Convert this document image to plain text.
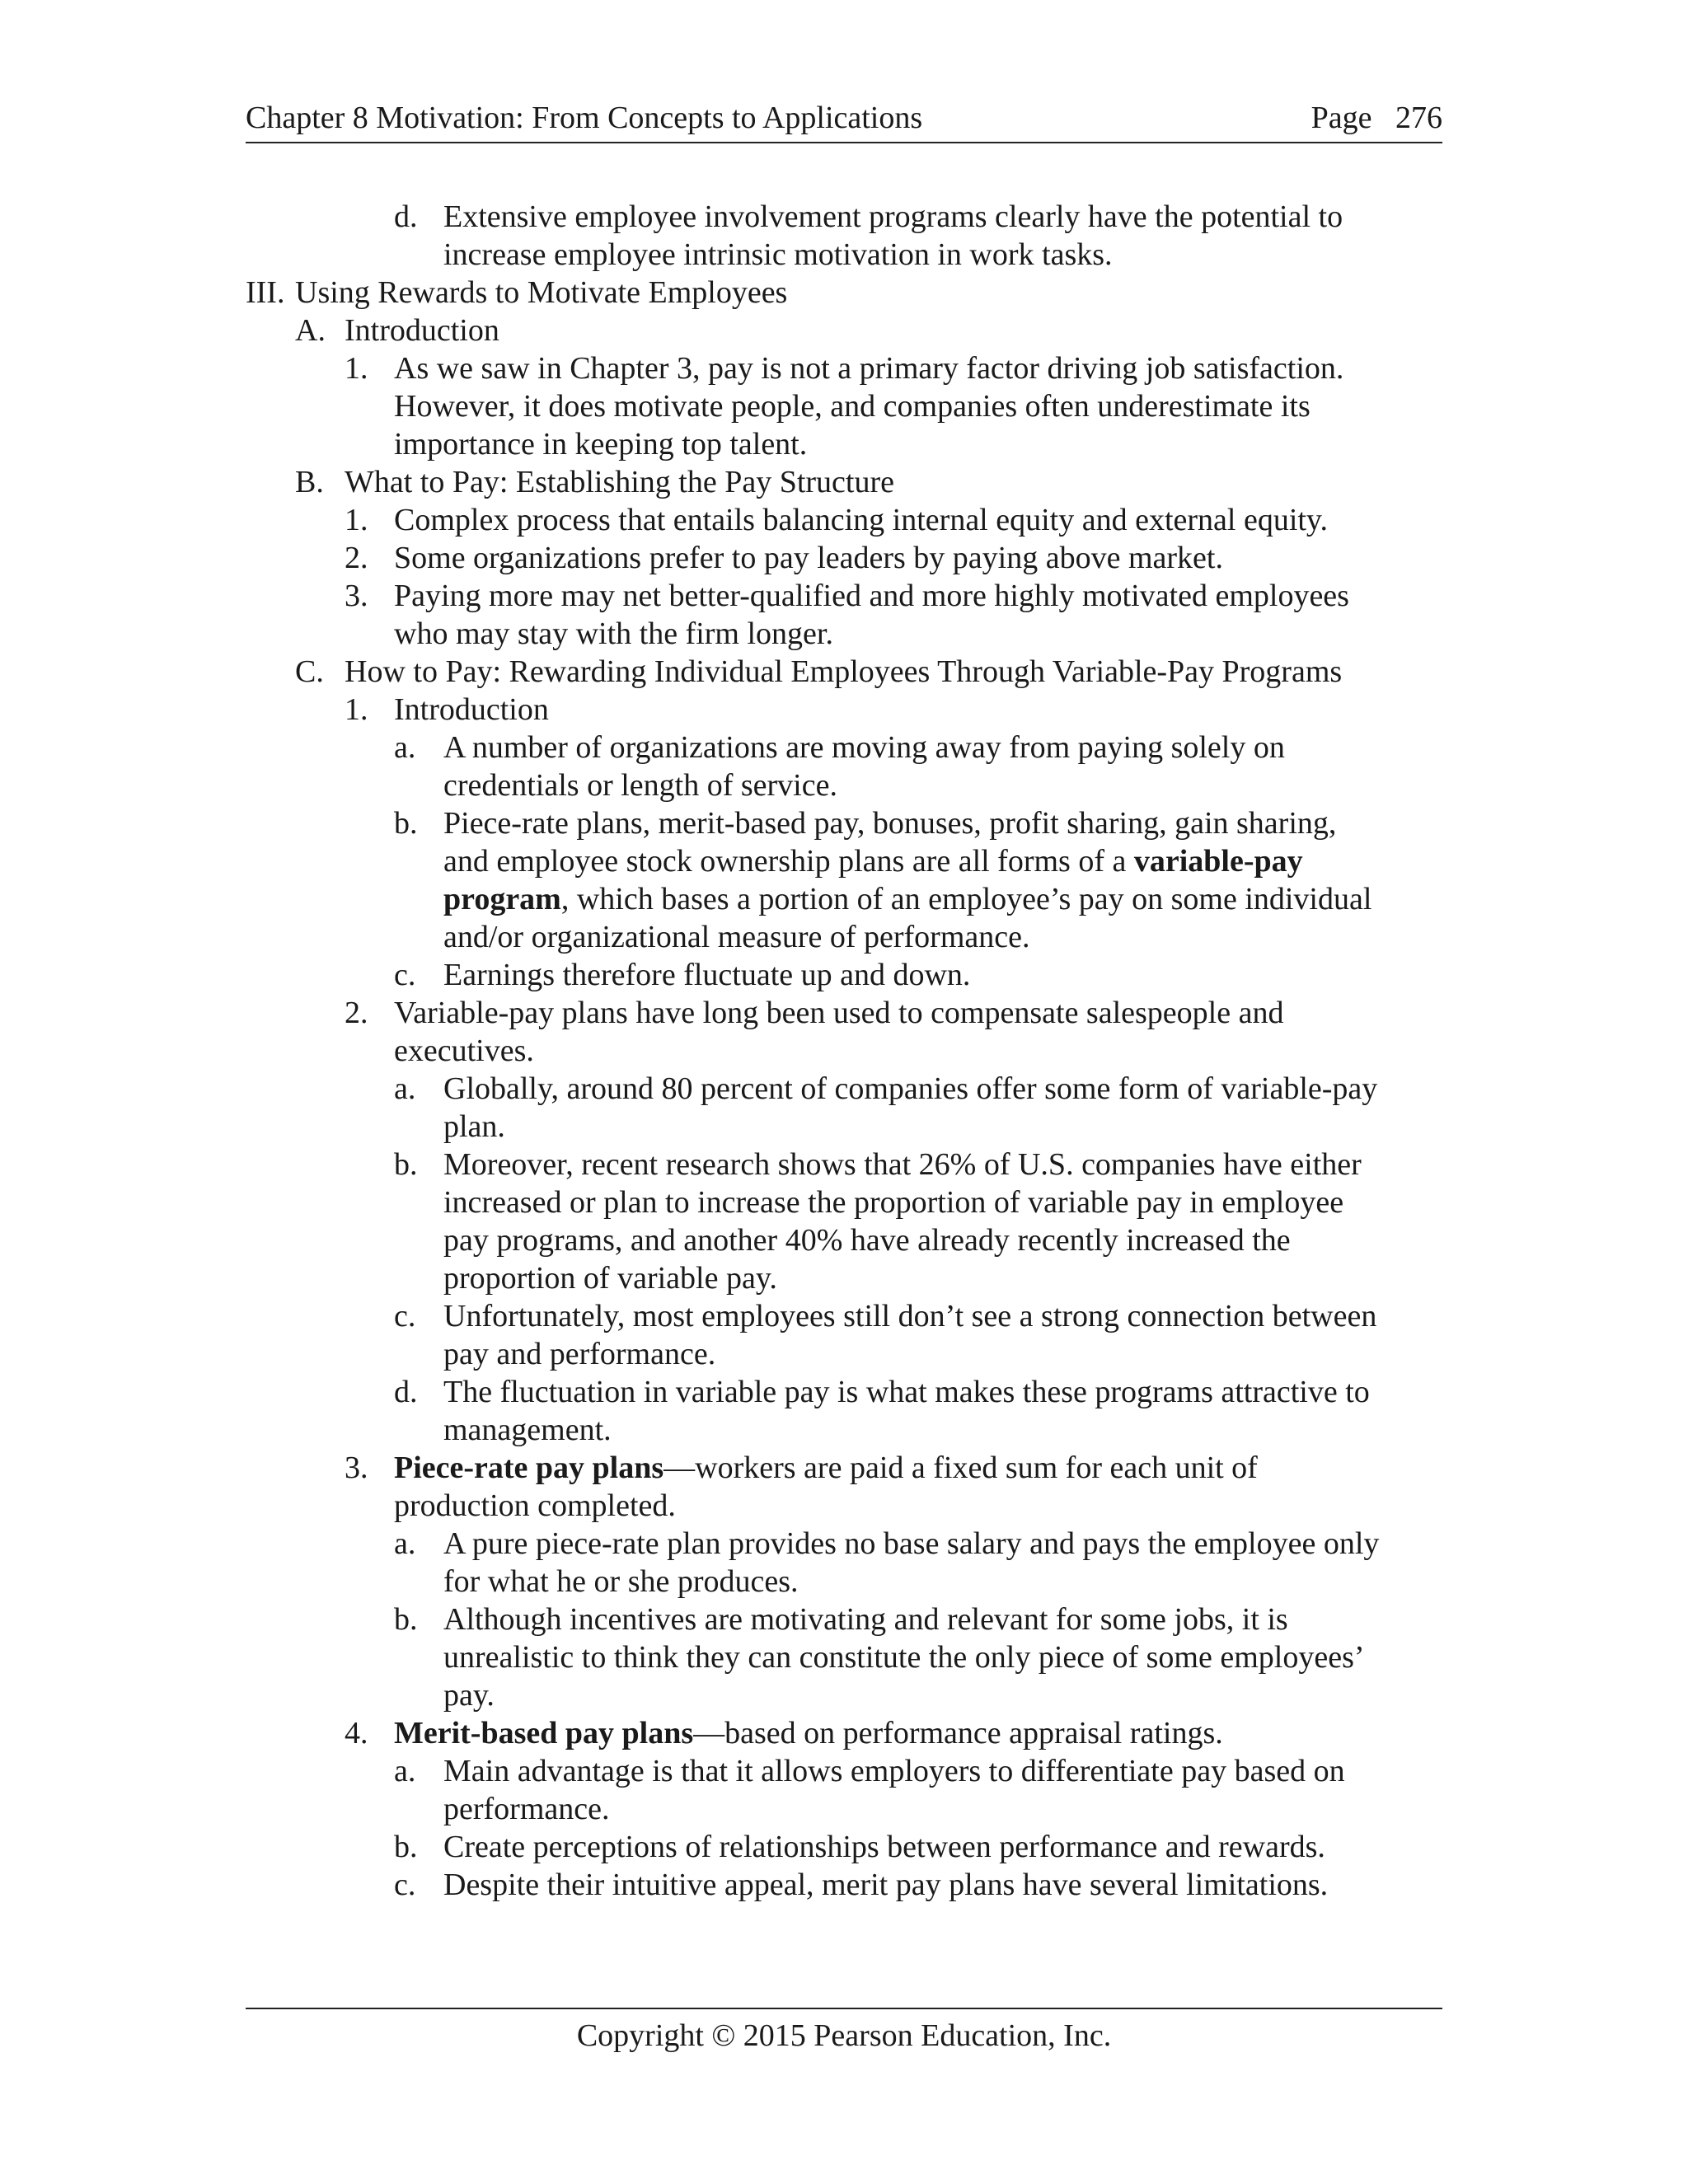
Chapter 8 Motivation: From Concepts to Applications	Page   276
d. Extensive employee involvement programs clearly have the potential to
increase employee intrinsic motivation in work tasks.
III. Using Rewards to Motivate Employees
A. Introduction
1. As we saw in Chapter 3, pay is not a primary factor driving job satisfaction.
However, it does motivate people, and companies often underestimate its
importance in keeping top talent.
B. What to Pay: Establishing the Pay Structure
1. Complex process that entails balancing internal equity and external equity.
2. Some organizations prefer to pay leaders by paying above market.
3. Paying more may net better-qualified and more highly motivated employees
who may stay with the firm longer.
C. How to Pay: Rewarding Individual Employees Through Variable-Pay Programs
1. Introduction
a. A number of organizations are moving away from paying solely on
credentials or length of service.
b. Piece-rate plans, merit-based pay, bonuses, profit sharing, gain sharing,
and employee stock ownership plans are all forms of a variable-pay
program, which bases a portion of an employee’s pay on some individual
and/or organizational measure of performance.
c. Earnings therefore fluctuate up and down.
2. Variable-pay plans have long been used to compensate salespeople and
executives.
a. Globally, around 80 percent of companies offer some form of variable-pay
plan.
b. Moreover, recent research shows that 26% of U.S. companies have either
increased or plan to increase the proportion of variable pay in employee
pay programs, and another 40% have already recently increased the
proportion of variable pay.
c. Unfortunately, most employees still don’t see a strong connection between
pay and performance.
d. The fluctuation in variable pay is what makes these programs attractive to
management.
3. Piece-rate pay plans—workers are paid a fixed sum for each unit of
production completed.
a. A pure piece-rate plan provides no base salary and pays the employee only
for what he or she produces.
b. Although incentives are motivating and relevant for some jobs, it is
unrealistic to think they can constitute the only piece of some employees’
pay.
4. Merit-based pay plans—based on performance appraisal ratings.
a. Main advantage is that it allows employers to differentiate pay based on
performance.
b. Create perceptions of relationships between performance and rewards.
c. Despite their intuitive appeal, merit pay plans have several limitations.
Copyright © 2015 Pearson Education, Inc.
